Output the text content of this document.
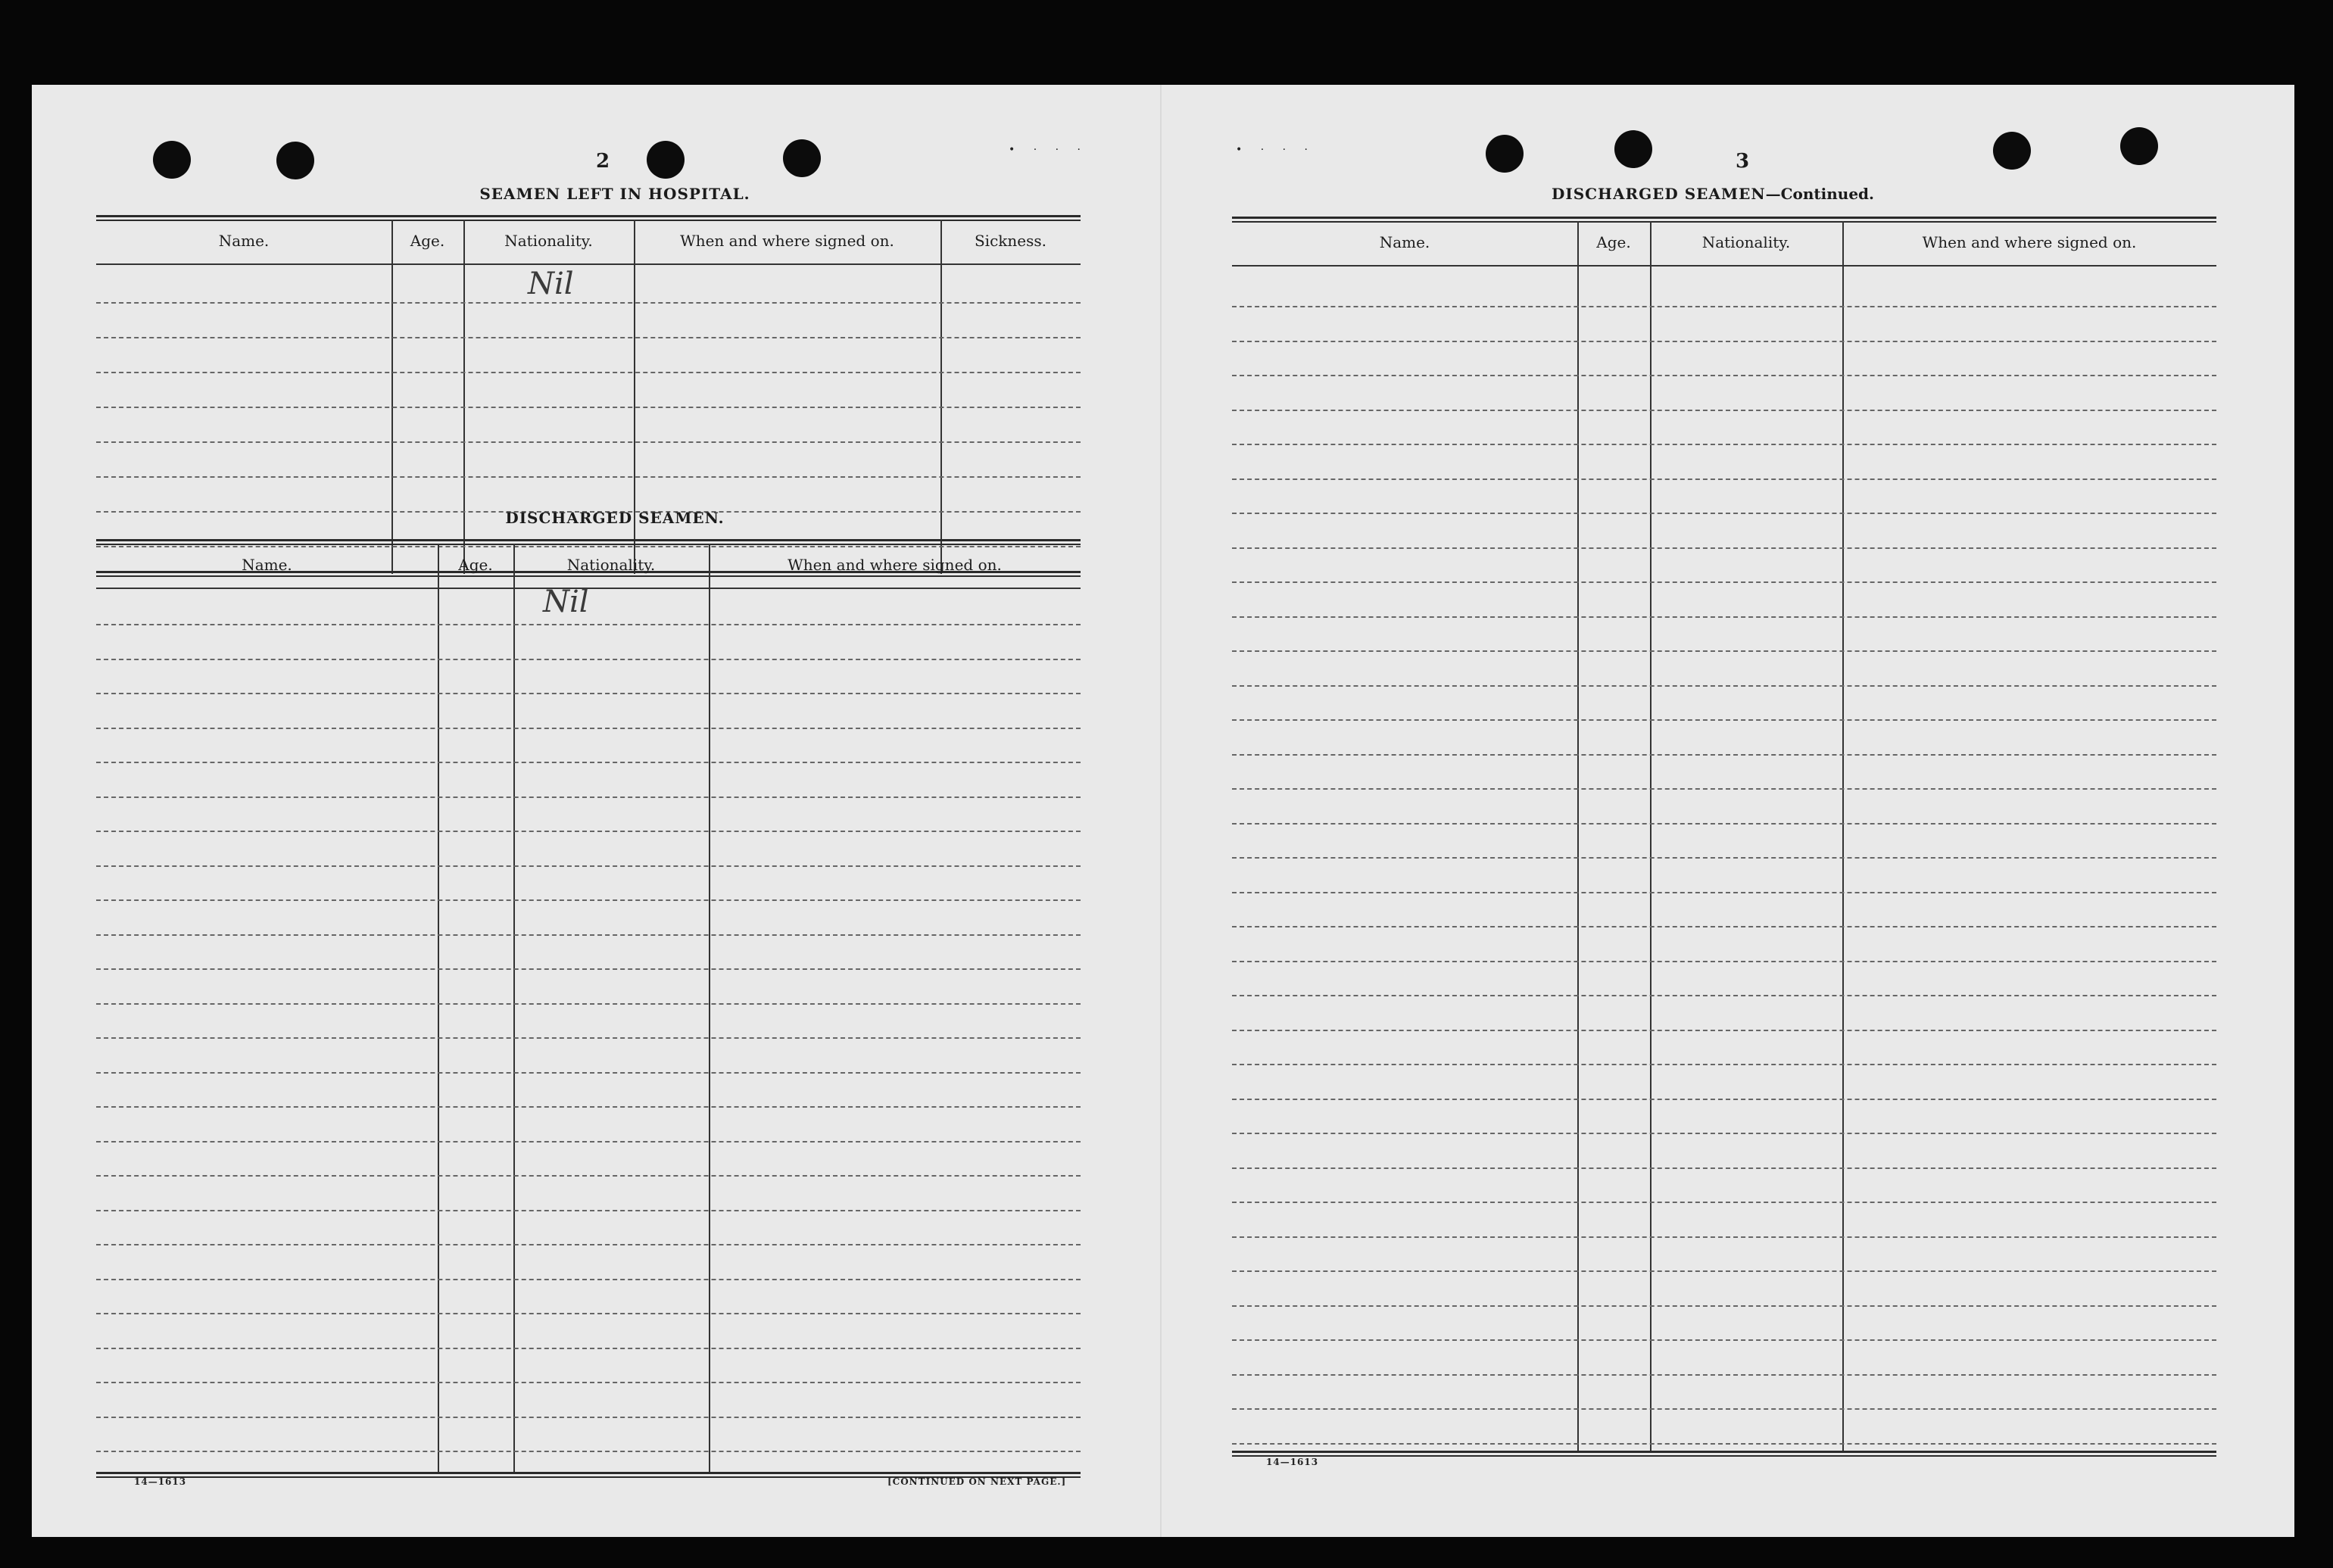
• · · ·	• · · ·
2
SEAMEN LEFT IN HOSPITAL.
Name.	Age.	Nationality.	When and where signed on.	Sickness.
Nil
DISCHARGED SEAMEN.
Name.	Age.	Nationality.	When and where signed on.
Nil
14—1613	[CONTINUED ON NEXT PAGE.]
3
DISCHARGED SEAMEN—Continued.
Name.	Age.	Nationality.	When and where signed on.
14—1613
